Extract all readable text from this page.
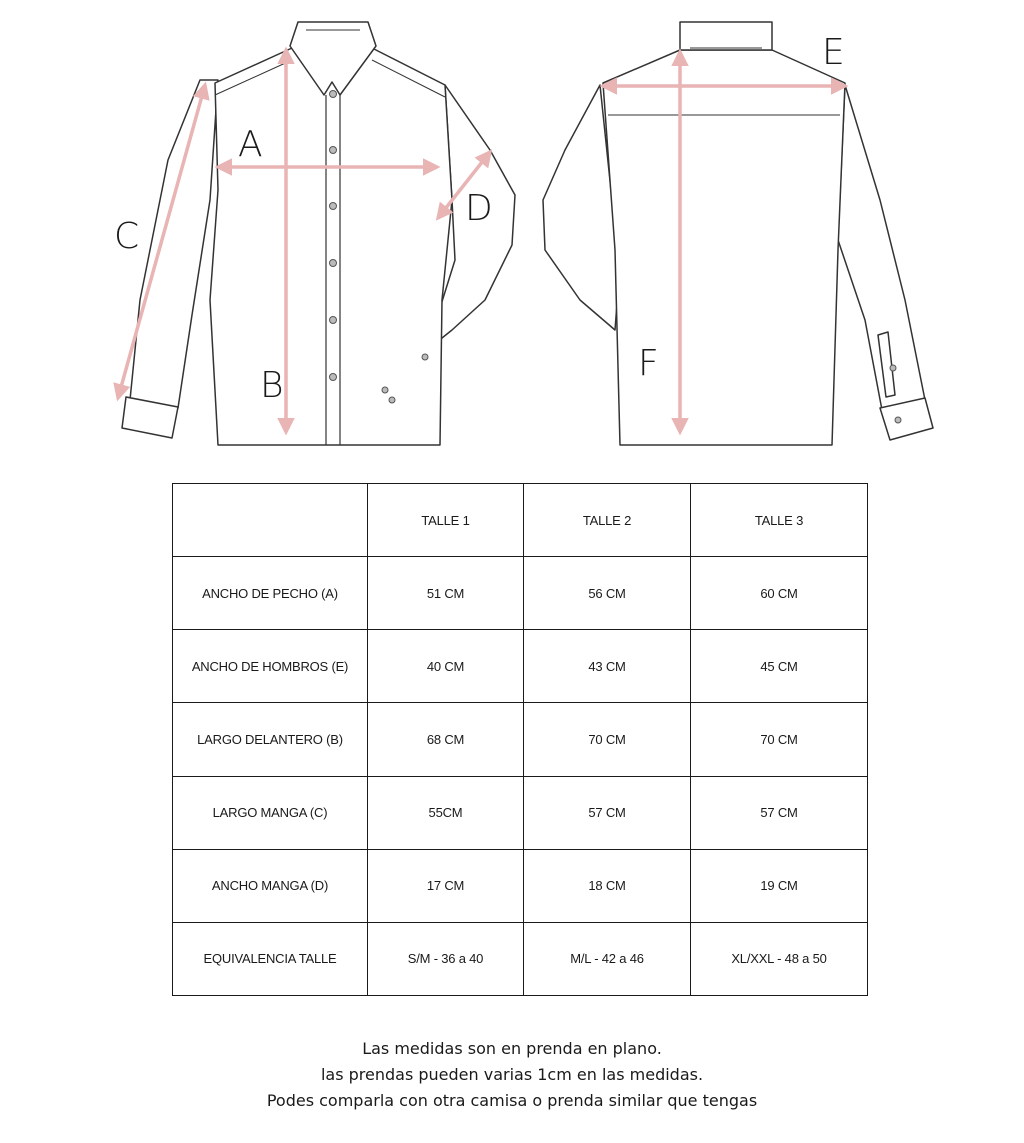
A
B
C
D
E
F
	TALLE 1	TALLE 2	TALLE 3
ANCHO DE PECHO (A)	51 CM	56 CM	60 CM
ANCHO DE HOMBROS (E)	40 CM	43 CM	45 CM
LARGO DELANTERO (B)	68 CM	70 CM	70 CM
LARGO MANGA (C)	55CM	57 CM	57 CM
ANCHO MANGA (D)	17 CM	18 CM	19 CM
EQUIVALENCIA TALLE	S/M - 36 a 40	M/L - 42 a 46	XL/XXL - 48 a 50
Las medidas son en prenda en plano.
las prendas pueden varias 1cm en las medidas.
Podes comparla con otra camisa o prenda similar que tengas
